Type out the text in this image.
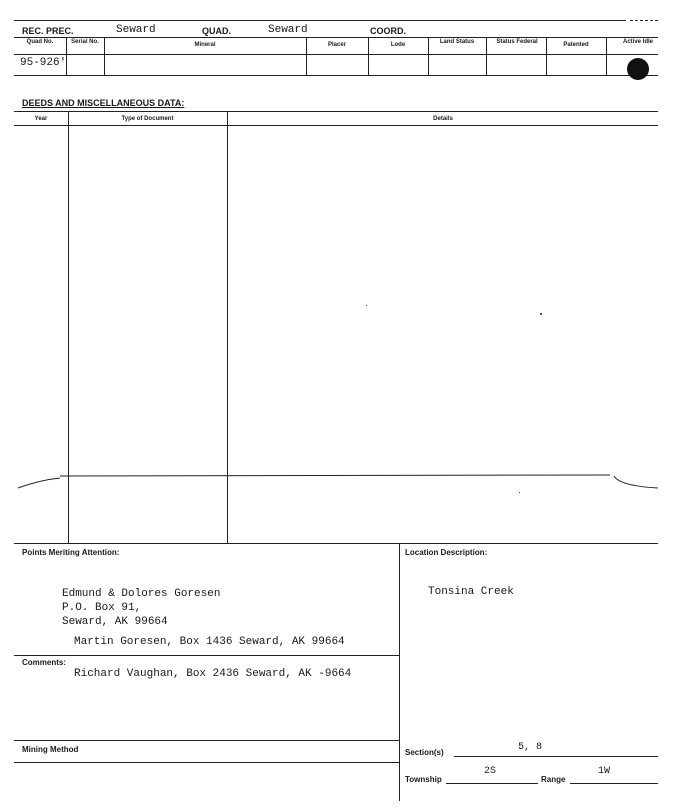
REC. PREC.	Seward	QUAD.	Seward	COORD.
Quad No.	Serial No.	Mineral	Placer	Lode	Land Status	Status Federal	Patented	Active Idle
95-926'
DEEDS AND MISCELLANEOUS DATA:
Year	Type of Document	Details
Points Meriting Attention:
Edmund & Dolores Goresen
P.O. Box 91,
Seward, AK 99664
Martin Goresen, Box 1436 Seward, AK 99664
Comments:
Richard Vaughan, Box 2436 Seward, AK -9664
Mining Method
Location Description:
Tonsina Creek
Section(s)	5, 8
Township
2S
Range
1W
